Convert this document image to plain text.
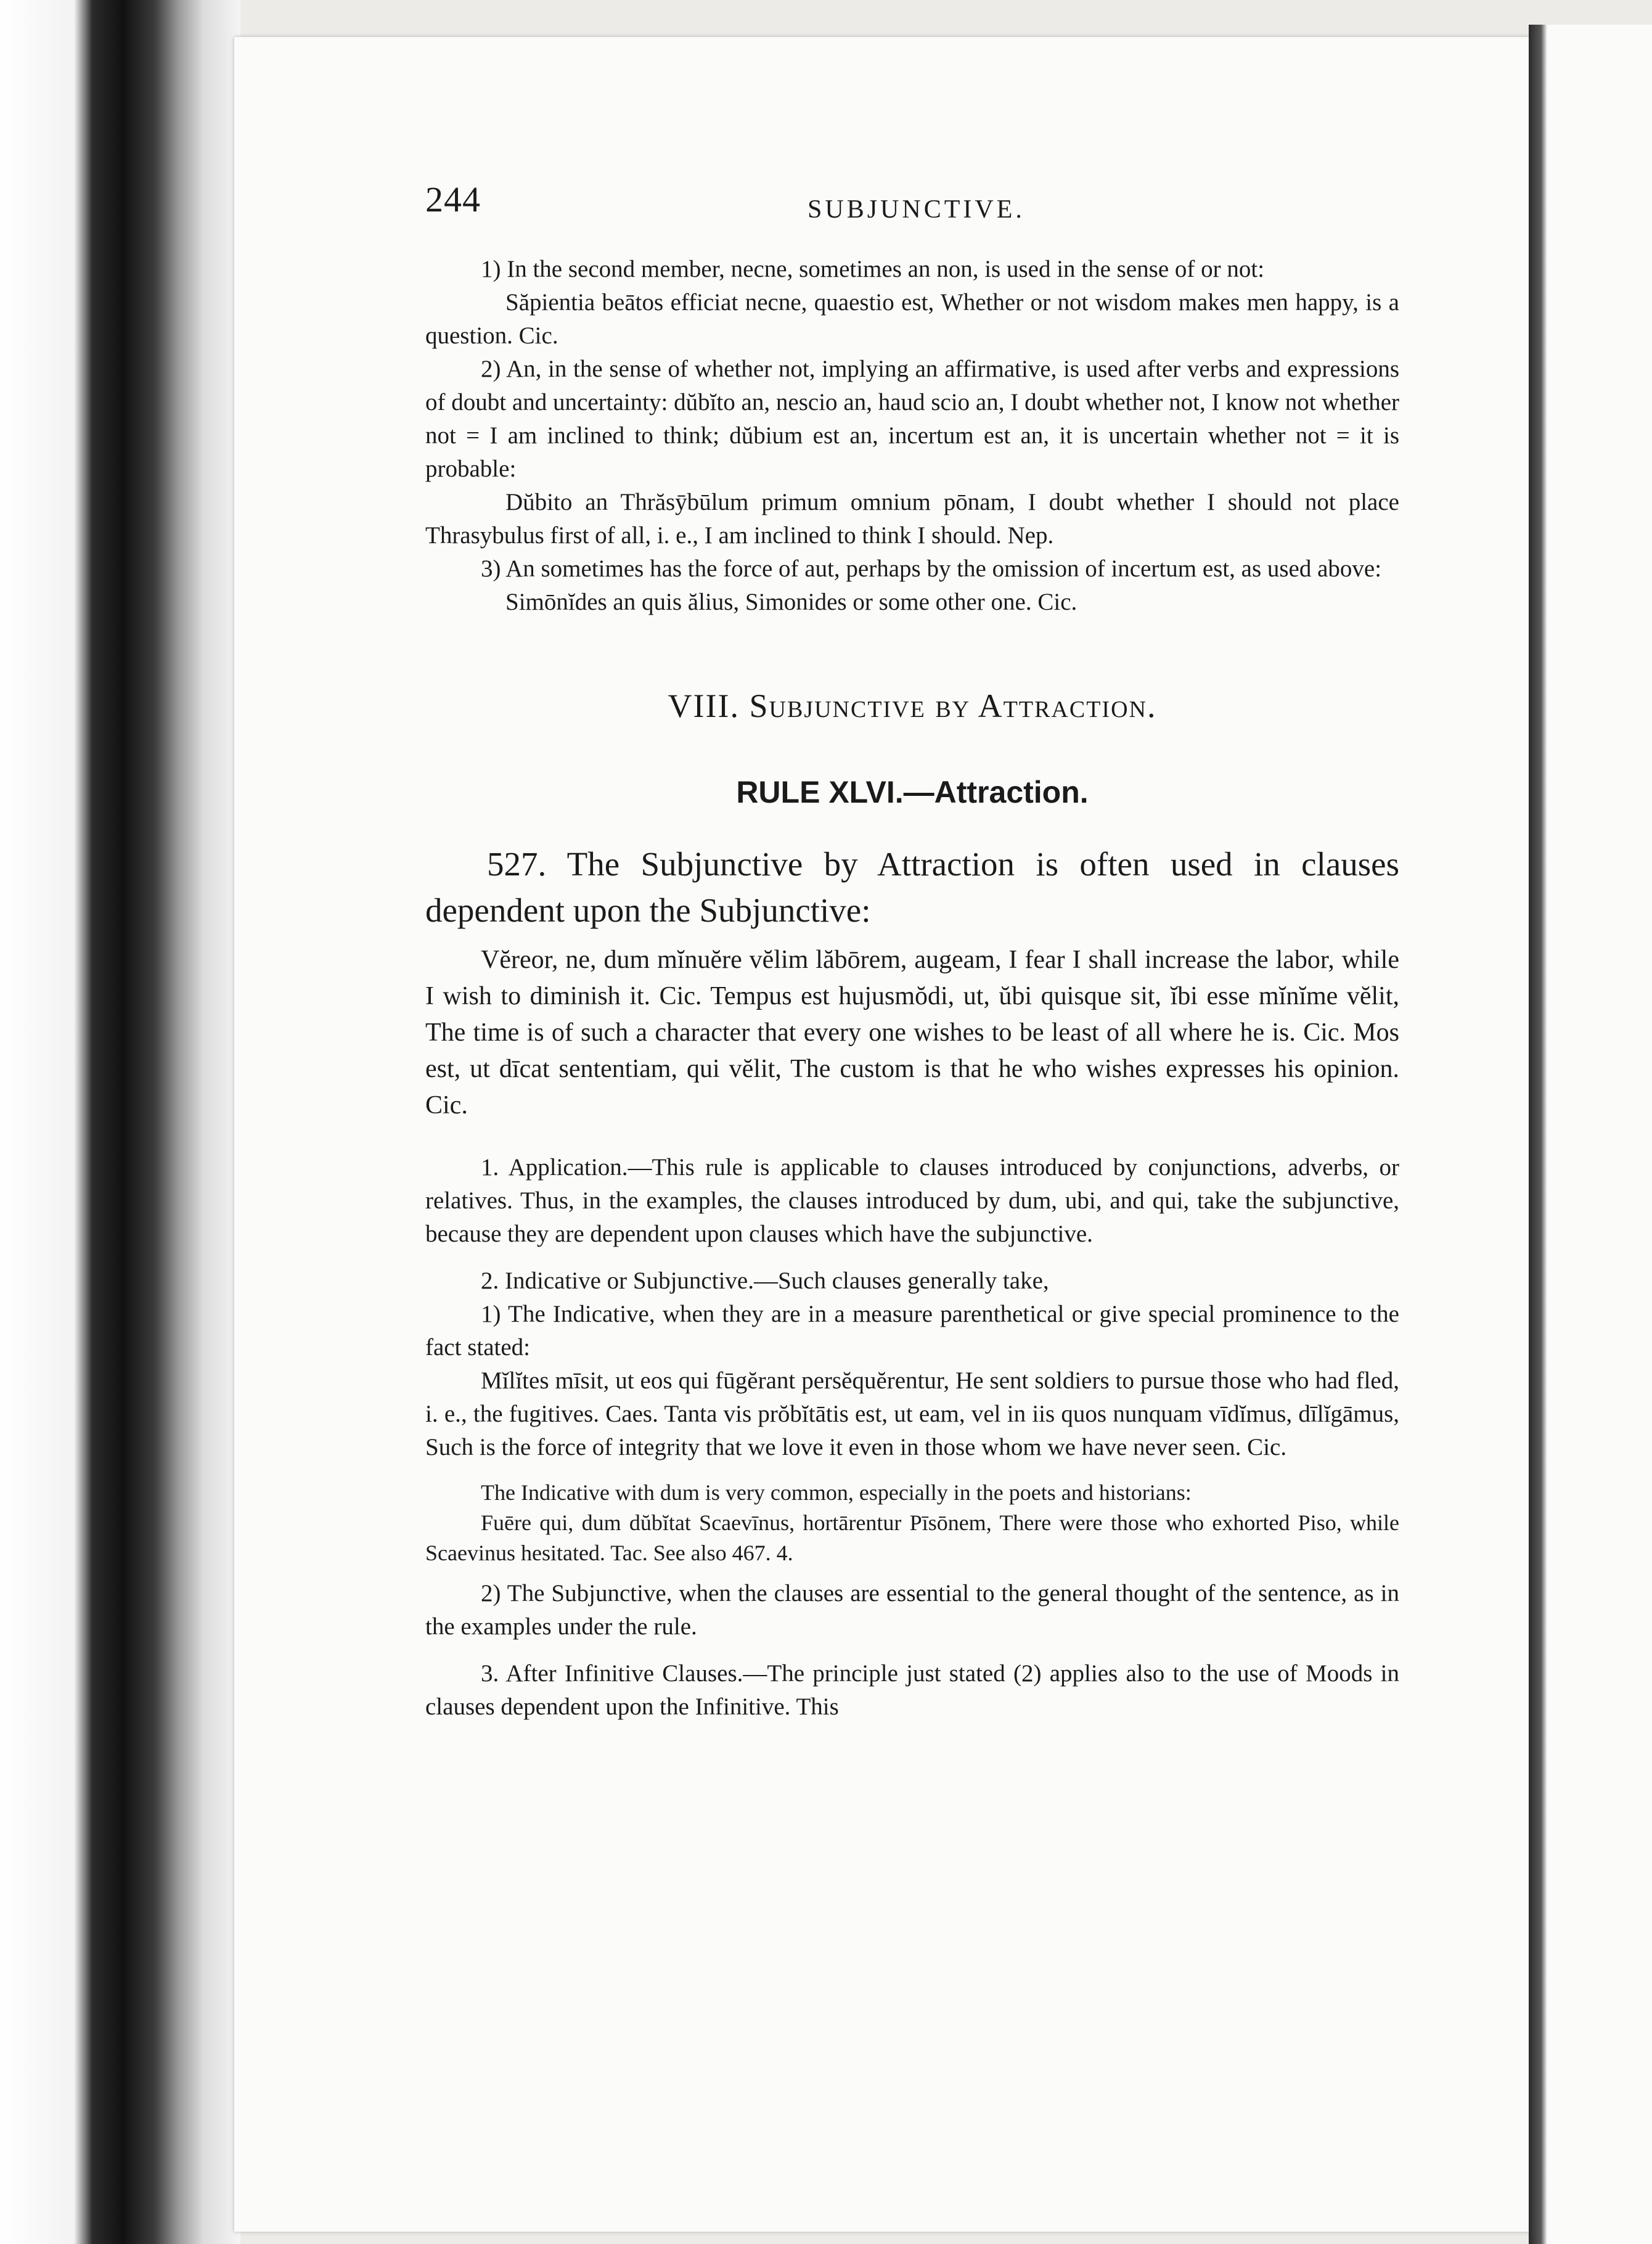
244	SUBJUNCTIVE.

1) In the second member, necne, sometimes an non, is used in the sense of or not:

Săpientia beātos efficiat necne, quaestio est, Whether or not wisdom makes men happy, is a question. Cic.

2) An, in the sense of whether not, implying an affirmative, is used after verbs and expressions of doubt and uncertainty: dŭbĭto an, nescio an, haud scio an, I doubt whether not, I know not whether not = I am inclined to think; dŭbium est an, incertum est an, it is uncertain whether not = it is probable:

Dŭbito an Thrăsȳbūlum primum omnium pōnam, I doubt whether I should not place Thrasybulus first of all, i. e., I am inclined to think I should. Nep.

3) An sometimes has the force of aut, perhaps by the omission of incertum est, as used above:

Simōnĭdes an quis ălius, Simonides or some other one. Cic.

VIII. Subjunctive by Attraction.
RULE XLVI.—Attraction.

527. The Subjunctive by Attraction is often used in clauses dependent upon the Subjunctive:

Vĕreor, ne, dum mĭnuĕre vĕlim lăbōrem, augeam, I fear I shall increase the labor, while I wish to diminish it. Cic. Tempus est hujusmŏdi, ut, ŭbi quisque sit, ĭbi esse mĭnĭme vĕlit, The time is of such a character that every one wishes to be least of all where he is. Cic. Mos est, ut dīcat sententiam, qui vĕlit, The custom is that he who wishes expresses his opinion. Cic.

1. Application.—This rule is applicable to clauses introduced by conjunctions, adverbs, or relatives. Thus, in the examples, the clauses introduced by dum, ubi, and qui, take the subjunctive, because they are dependent upon clauses which have the subjunctive.

2. Indicative or Subjunctive.—Such clauses generally take,

1) The Indicative, when they are in a measure parenthetical or give special prominence to the fact stated:

Mĭlĭtes mīsit, ut eos qui fūgĕrant persĕquĕrentur, He sent soldiers to pursue those who had fled, i. e., the fugitives. Caes. Tanta vis prŏbĭtātis est, ut eam, vel in iis quos nunquam vīdĭmus, dīlĭgāmus, Such is the force of integrity that we love it even in those whom we have never seen. Cic.

The Indicative with dum is very common, especially in the poets and historians:

Fuēre qui, dum dŭbĭtat Scaevīnus, hortārentur Pīsōnem, There were those who exhorted Piso, while Scaevinus hesitated. Tac. See also 467. 4.

2) The Subjunctive, when the clauses are essential to the general thought of the sentence, as in the examples under the rule.

3. After Infinitive Clauses.—The principle just stated (2) applies also to the use of Moods in clauses dependent upon the Infinitive. This
